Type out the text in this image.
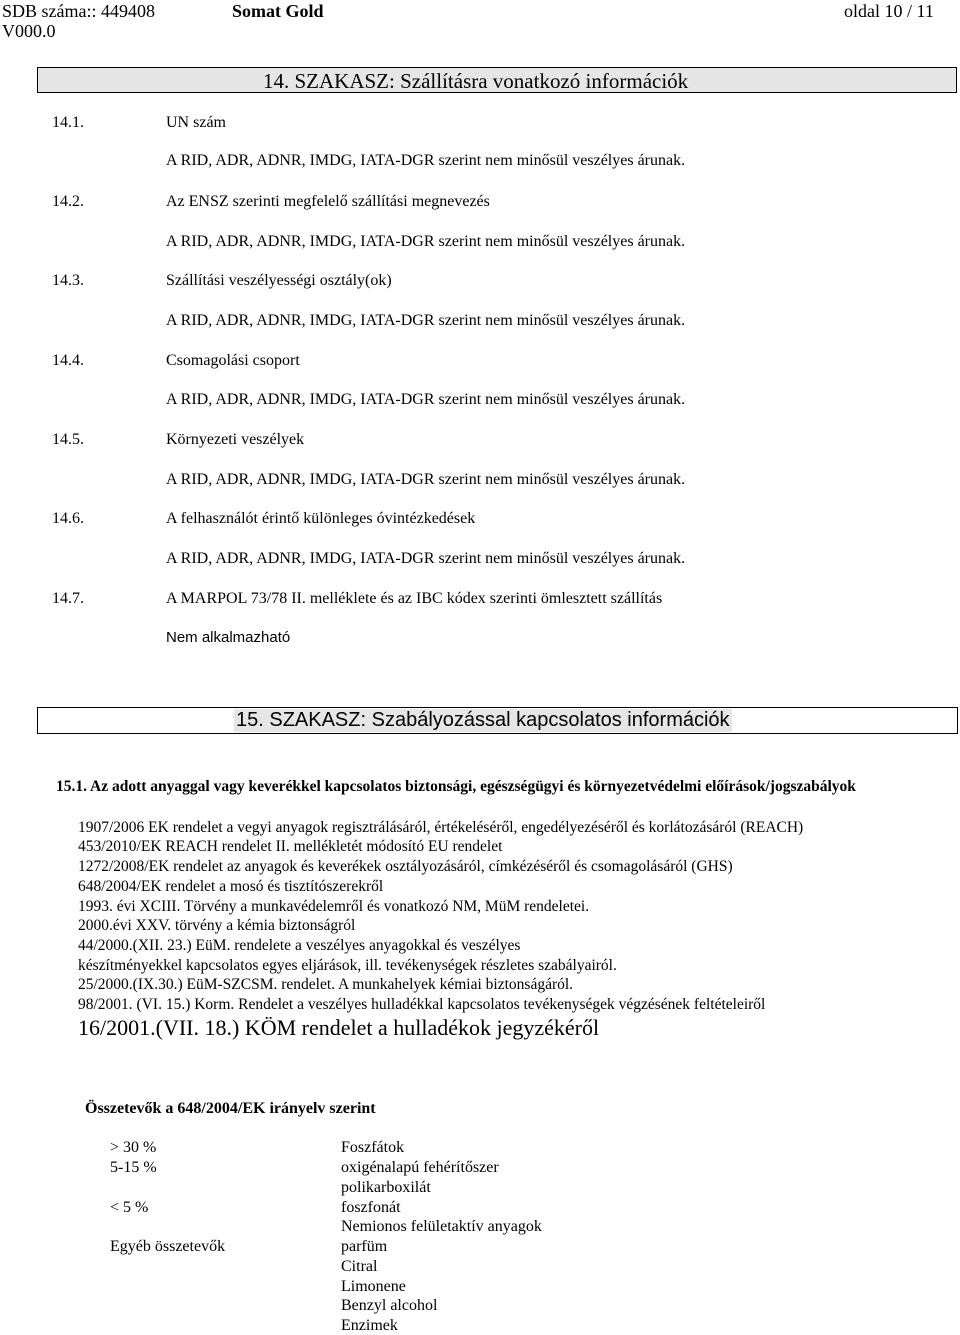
SDB száma:: 449408
V000.0
Somat Gold	oldal 10 / 11
14. SZAKASZ: Szállításra vonatkozó információk
14.1.	UN szám
A RID, ADR, ADNR, IMDG, IATA-DGR szerint nem minősül veszélyes árunak.
14.2.	Az ENSZ szerinti megfelelő szállítási megnevezés
A RID, ADR, ADNR, IMDG, IATA-DGR szerint nem minősül veszélyes árunak.
14.3.	Szállítási veszélyességi osztály(ok)
A RID, ADR, ADNR, IMDG, IATA-DGR szerint nem minősül veszélyes árunak.
14.4.	Csomagolási csoport
A RID, ADR, ADNR, IMDG, IATA-DGR szerint nem minősül veszélyes árunak.
14.5.	Környezeti veszélyek
A RID, ADR, ADNR, IMDG, IATA-DGR szerint nem minősül veszélyes árunak.
14.6.	A felhasználót érintő különleges óvintézkedések
A RID, ADR, ADNR, IMDG, IATA-DGR szerint nem minősül veszélyes árunak.
14.7.	A MARPOL 73/78 II. melléklete és az IBC kódex szerinti ömlesztett szállítás
Nem alkalmazható
15. SZAKASZ: Szabályozással kapcsolatos információk
15.1. Az adott anyaggal vagy keverékkel kapcsolatos biztonsági, egészségügyi és környezetvédelmi előírások/jogszabályok
1907/2006 EK rendelet a vegyi anyagok regisztrálásáról, értékeléséről, engedélyezéséről és korlátozásáról (REACH)
453/2010/EK REACH rendelet II. mellékletét módosító EU rendelet
1272/2008/EK rendelet az anyagok és keverékek osztályozásáról, címkézéséről és csomagolásáról (GHS)
648/2004/EK rendelet a mosó és tisztítószerekről
1993. évi XCIII. Törvény a munkavédelemről és vonatkozó NM, MüM rendeletei.
2000.évi XXV. törvény a kémia biztonságról
44/2000.(XII. 23.) EüM. rendelete a veszélyes anyagokkal és veszélyes
készítményekkel kapcsolatos egyes eljárások, ill. tevékenységek részletes szabályairól.
25/2000.(IX.30.) EüM-SZCSM. rendelet. A munkahelyek kémiai biztonságáról.
98/2001. (VI. 15.) Korm. Rendelet a veszélyes hulladékkal kapcsolatos tevékenységek végzésének feltételeiről
16/2001.(VII. 18.) KÖM rendelet a hulladékok jegyzékéről
Összetevők a 648/2004/EK irányelv szerint
> 30 %	Foszfátok
5-15 %	oxigénalapú fehérítőszer
polikarboxilát
< 5 %	foszfonát
Nemionos felületaktív anyagok
Egyéb összetevők	parfüm
Citral
Limonene
Benzyl alcohol
Enzimek
